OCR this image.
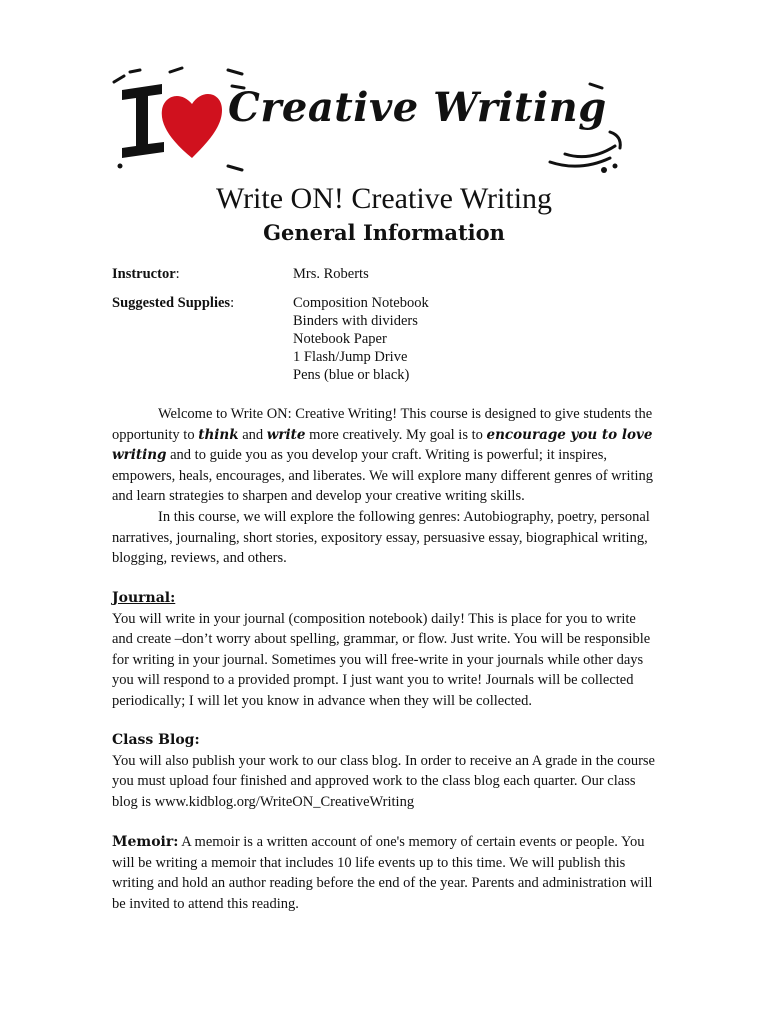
Creative Writing
Write ON! Creative Writing
General Information
Instructor:	Mrs. Roberts
Suggested Supplies:	Composition Notebook
Binders with dividers
Notebook Paper
1 Flash/Jump Drive
Pens (blue or black)

Welcome to Write ON: Creative Writing! This course is designed to give students the opportunity to think and write more creatively. My goal is to encourage you to love writing and to guide you as you develop your craft. Writing is powerful; it inspires, empowers, heals, encourages, and liberates. We will explore many different genres of writing and learn strategies to sharpen and develop your creative writing skills.

In this course, we will explore the following genres: Autobiography, poetry, personal narratives, journaling, short stories, expository essay, persuasive essay, biographical writing, blogging, reviews, and others.

Journal:

You will write in your journal (composition notebook) daily! This is place for you to write and create –don’t worry about spelling, grammar, or flow. Just write. You will be responsible for writing in your journal. Sometimes you will free-write in your journals while other days you will respond to a provided prompt. I just want you to write! Journals will be collected periodically; I will let you know in advance when they will be collected.

Class Blog:

You will also publish your work to our class blog. In order to receive an A grade in the course you must upload four finished and approved work to the class blog each quarter. Our class blog is www.kidblog.org/WriteON_CreativeWriting

Memoir: A memoir is a written account of one's memory of certain events or people. You will be writing a memoir that includes 10 life events up to this time. We will publish this writing and hold an author reading before the end of the year. Parents and administration will be invited to attend this reading.
